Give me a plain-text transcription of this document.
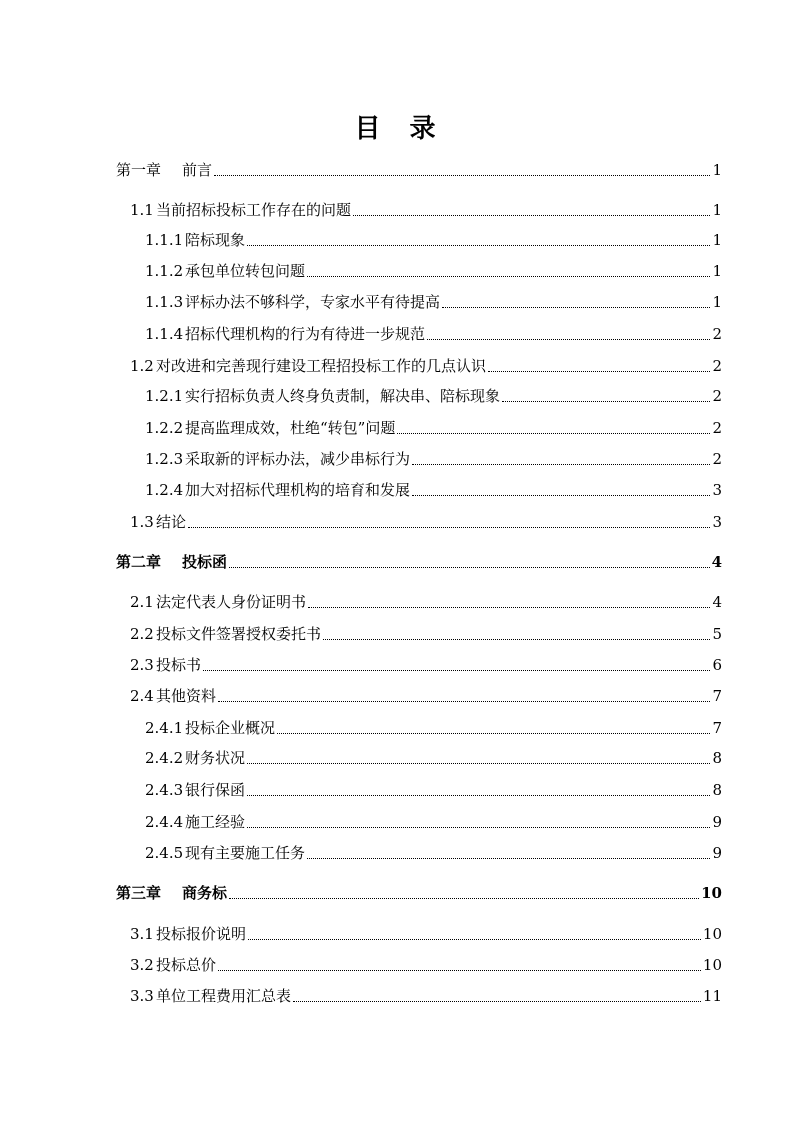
目 录
第一章	前言	1
1.1 当前招标投标工作存在的问题	1
1.1.1 陪标现象	1
1.1.2 承包单位转包问题	1
1.1.3 评标办法不够科学，专家水平有待提高	1
1.1.4 招标代理机构的行为有待进一步规范	2
1.2 对改进和完善现行建设工程招投标工作的几点认识	2
1.2.1 实行招标负责人终身负责制，解决串、陪标现象	2
1.2.2 提高监理成效，杜绝“转包”问题	2
1.2.3 采取新的评标办法，减少串标行为	2
1.2.4 加大对招标代理机构的培育和发展	3
1.3 结论	3
第二章	投标函	4
2.1 法定代表人身份证明书	4
2.2 投标文件签署授权委托书	5
2.3 投标书	6
2.4 其他资料	7
2.4.1 投标企业概况	7
2.4.2 财务状况	8
2.4.3 银行保函	8
2.4.4 施工经验	9
2.4.5 现有主要施工任务	9
第三章	商务标	10
3.1 投标报价说明	10
3.2 投标总价	10
3.3 单位工程费用汇总表	11
